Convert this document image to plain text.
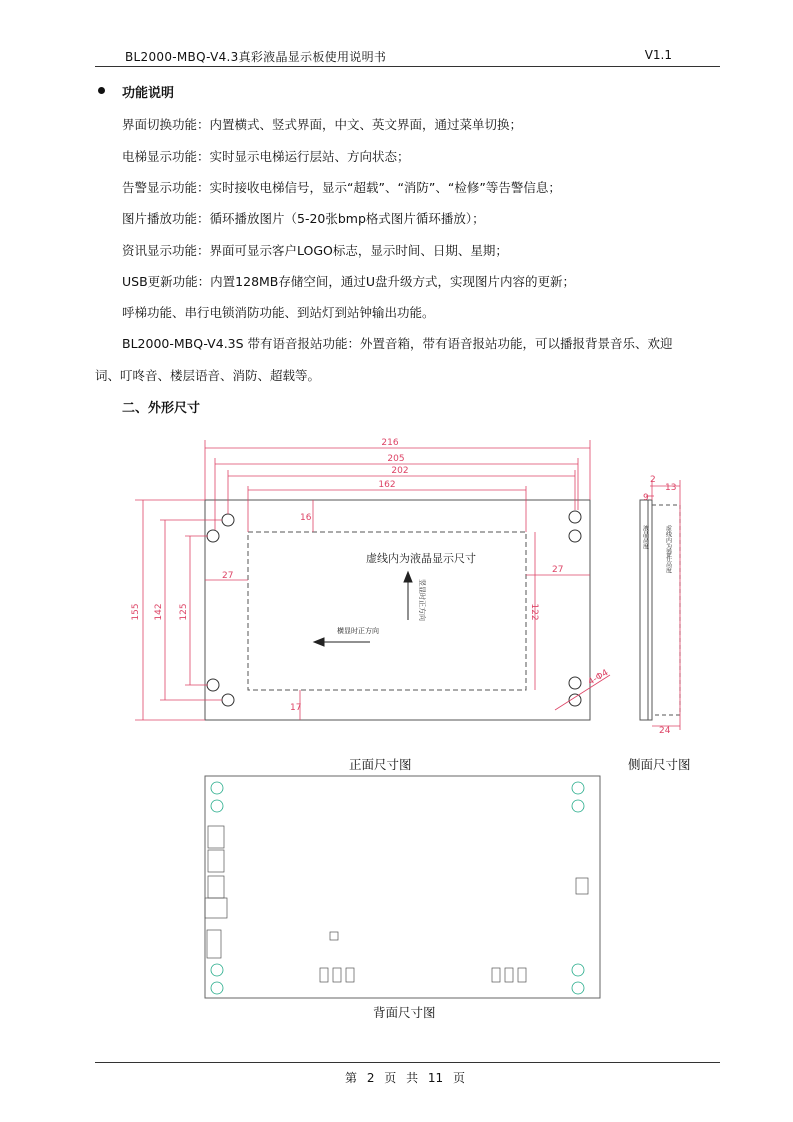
BL2000-MBQ-V4.3真彩液晶显示板使用说明书	V1.1
功能说明
界面切换功能：内置横式、竖式界面，中文、英文界面，通过菜单切换；
电梯显示功能：实时显示电梯运行层站、方向状态；
告警显示功能：实时接收电梯信号，显示“超载”、“消防”、“检修”等告警信息；
图片播放功能：循环播放图片（5-20张bmp格式图片循环播放）；
资讯显示功能：界面可显示客户LOGO标志，显示时间、日期、星期；
USB更新功能：内置128MB存储空间，通过U盘升级方式，实现图片内容的更新；
呼梯功能、串行电锁消防功能、到站灯到站钟输出功能。
BL2000-MBQ-V4.3S 带有语音报站功能：外置音箱，带有语音报站功能，可以播报背景音乐、欢迎
词、叮咚音、楼层语音、消防、超载等。
二、外形尺寸
216
205
202
162
16
27
27
17
155 142 125	122
4-Φ4
虚线内为液晶显示尺寸
竖显时正方向
横显时正方向
2
13
9
24
虚线内为器件高度
液晶高度
正面尺寸图	侧面尺寸图
背面尺寸图
第 2 页 共 11 页
